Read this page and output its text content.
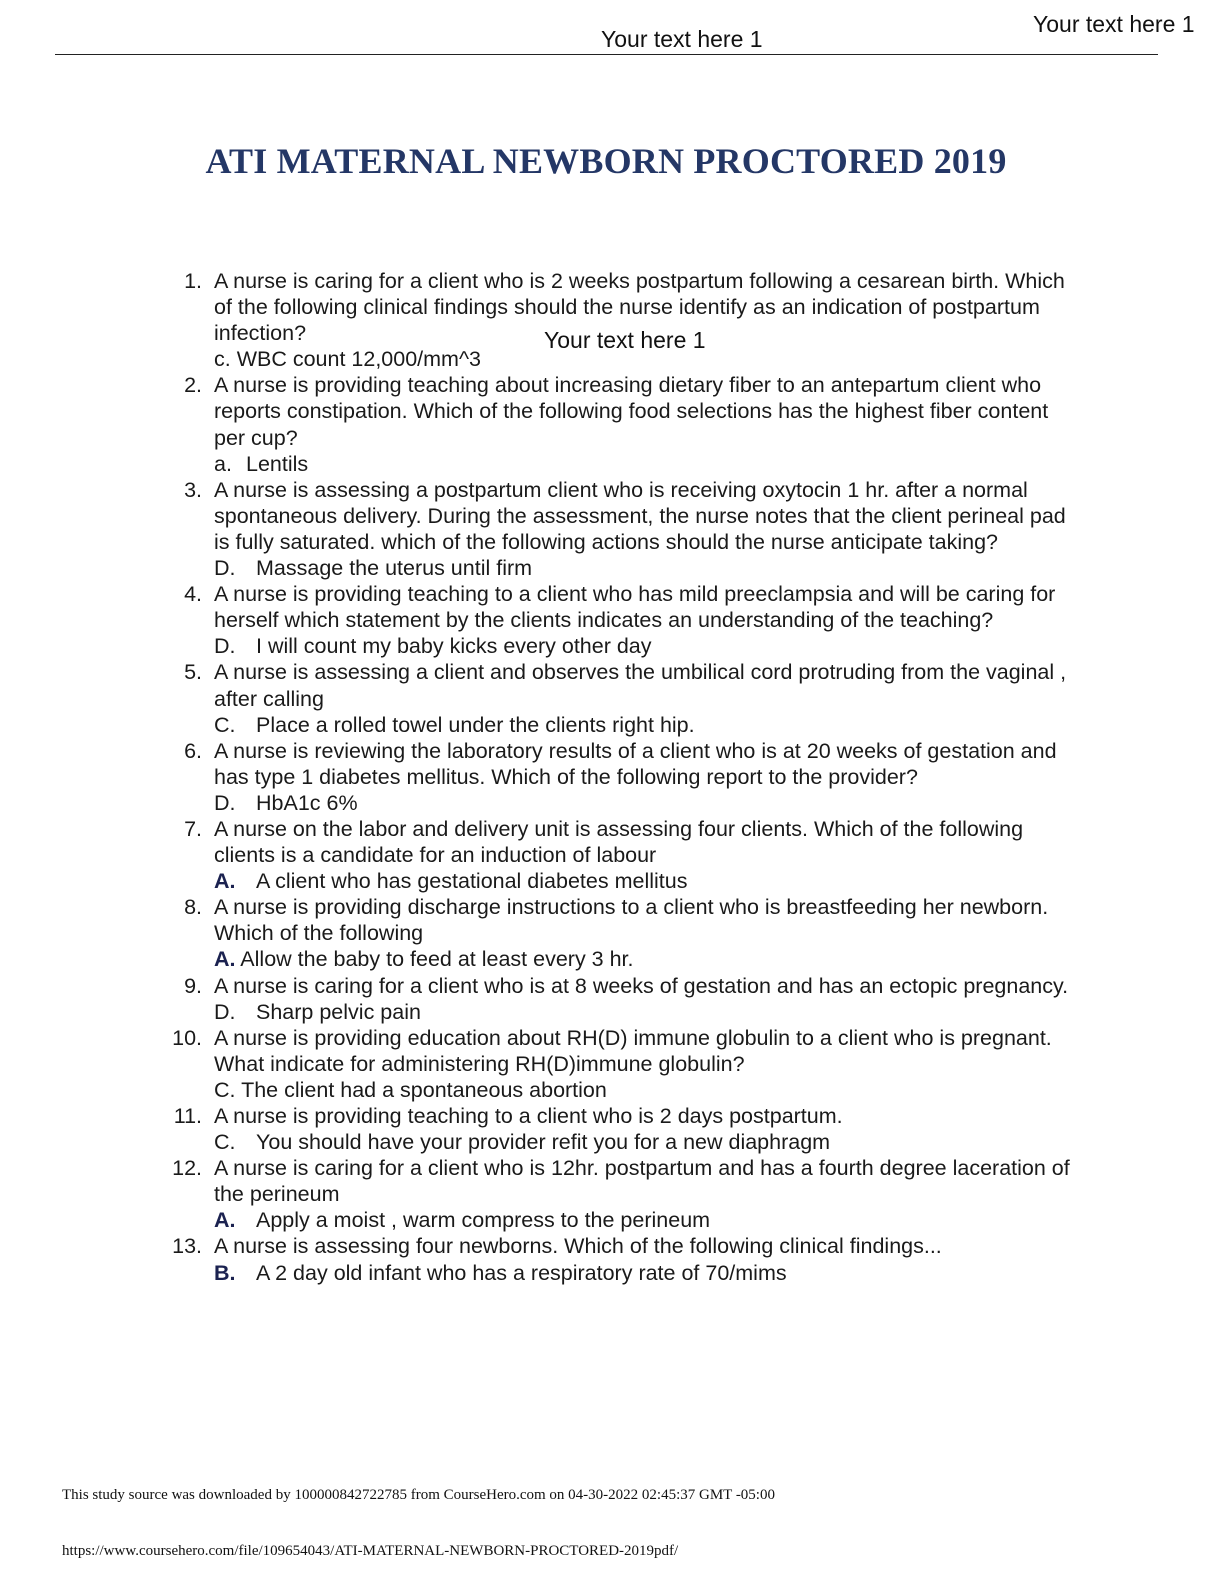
Your text here 1
Your text here 1
ATI MATERNAL NEWBORN PROCTORED 2019
1. A nurse is caring for a client who is 2 weeks postpartum following a cesarean birth. Which of the following clinical findings should the nurse identify as an indication of postpartum infection?
c. WBC count 12,000/mm^3
2. A nurse is providing teaching about increasing dietary fiber to an antepartum client who reports constipation. Which of the following food selections has the highest fiber content per cup?
a. Lentils
3. A nurse is assessing a postpartum client who is receiving oxytocin 1 hr. after a normal spontaneous delivery. During the assessment, the nurse notes that the client perineal pad is fully saturated. which of the following actions should the nurse anticipate taking?
D. Massage the uterus until firm
4. A nurse is providing teaching to a client who has mild preeclampsia and will be caring for herself which statement by the clients indicates an understanding of the teaching?
D. I will count my baby kicks every other day
5. A nurse is assessing a client and observes the umbilical cord protruding from the vaginal , after calling
C. Place a rolled towel under the clients right hip.
6. A nurse is reviewing the laboratory results of a client who is at 20 weeks of gestation and has type 1 diabetes mellitus. Which of the following report to the provider?
D. HbA1c 6%
7. A nurse on the labor and delivery unit is assessing four clients. Which of the following clients is a candidate for an induction of labour
A. A client who has gestational diabetes mellitus
8. A nurse is providing discharge instructions to a client who is breastfeeding her newborn. Which of the following
A. Allow the baby to feed at least every 3 hr.
9. A nurse is caring for a client who is at 8 weeks of gestation and has an ectopic pregnancy.
D. Sharp pelvic pain
10. A nurse is providing education about RH(D) immune globulin to a client who is pregnant. What indicate for administering RH(D)immune globulin?
C. The client had a spontaneous abortion
11. A nurse is providing teaching to a client who is 2 days postpartum.
C. You should have your provider refit you for a new diaphragm
12. A nurse is caring for a client who is 12hr. postpartum and has a fourth degree laceration of the perineum
A. Apply a moist , warm compress to the perineum
13. A nurse is assessing four newborns. Which of the following clinical findings...
B. A 2 day old infant who has a respiratory rate of 70/mims
Your text here 1
This study source was downloaded by 100000842722785 from CourseHero.com on 04-30-2022 02:45:37 GMT -05:00
https://www.coursehero.com/file/109654043/ATI-MATERNAL-NEWBORN-PROCTORED-2019pdf/
